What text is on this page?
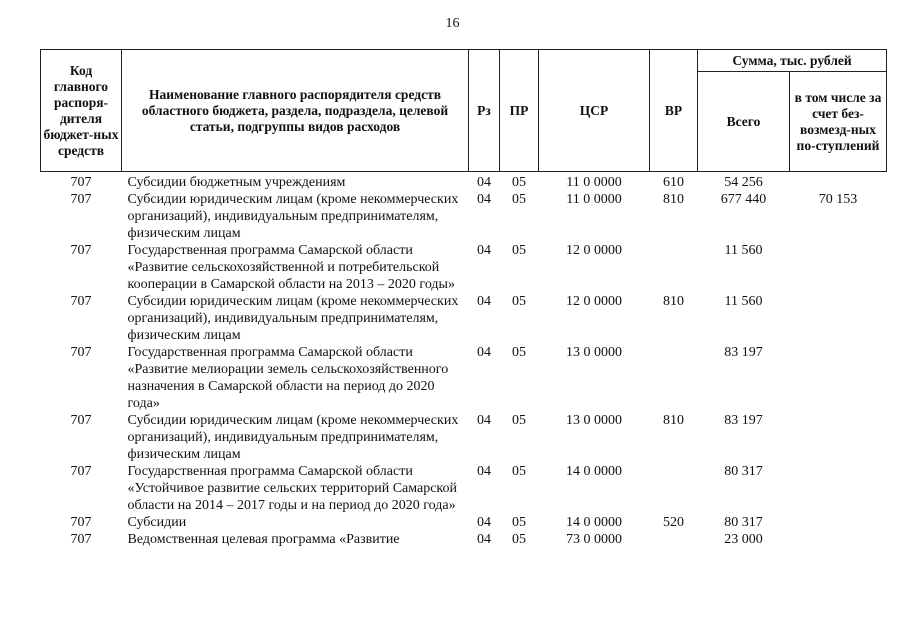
16
Код главного распоря-дителя бюджет-ных средств	Наименование главного распорядителя средств областного бюджета, раздела, подраздела, целевой статьи, подгруппы видов расходов	Рз	ПР	ЦСР	ВР	Сумма, тыс. рублей	
						Всего	в том числе за счет без-возмезд-ных по-ступлений
707	Субсидии бюджетным учреждениям	04	05	11 0 0000	610	54 256	
707	Субсидии юридическим лицам (кроме некоммерческих организаций), индивидуальным предпринимателям, физическим лицам	04	05	11 0 0000	810	677 440	70 153
707	Государственная программа Самарской области «Развитие сельскохозяйственной и потребительской кооперации в Самарской области на 2013 – 2020 годы»	04	05	12 0 0000		11 560	
707	Субсидии юридическим лицам (кроме некоммерческих организаций), индивидуальным предпринимателям, физическим лицам	04	05	12 0 0000	810	11 560	
707	Государственная программа Самарской области «Развитие мелиорации земель сельскохозяйственного назначения в Самарской области на период до 2020 года»	04	05	13 0 0000		83 197	
707	Субсидии юридическим лицам (кроме некоммерческих организаций), индивидуальным предпринимателям, физическим лицам	04	05	13 0 0000	810	83 197	
707	Государственная программа Самарской области «Устойчивое развитие сельских территорий Самарской области на 2014 – 2017 годы и на период до 2020 года»	04	05	14 0 0000		80 317	
707	Субсидии	04	05	14 0 0000	520	80 317	
707	Ведомственная целевая программа «Развитие	04	05	73 0 0000		23 000	
